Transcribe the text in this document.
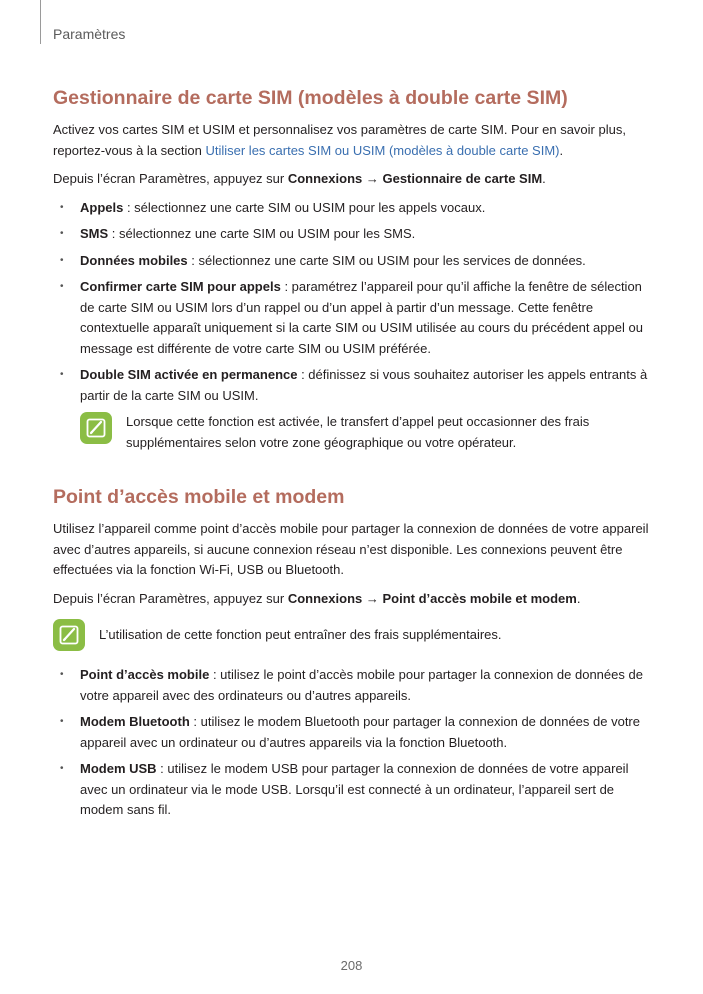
Paramètres
Gestionnaire de carte SIM (modèles à double carte SIM)

Activez vos cartes SIM et USIM et personnalisez vos paramètres de carte SIM. Pour en savoir plus, reportez-vous à la section Utiliser les cartes SIM ou USIM (modèles à double carte SIM).

Depuis l’écran Paramètres, appuyez sur Connexions → Gestionnaire de carte SIM.

• Appels : sélectionnez une carte SIM ou USIM pour les appels vocaux.
• SMS : sélectionnez une carte SIM ou USIM pour les SMS.
• Données mobiles : sélectionnez une carte SIM ou USIM pour les services de données.
• Confirmer carte SIM pour appels : paramétrez l’appareil pour qu’il affiche la fenêtre de sélection de carte SIM ou USIM lors d’un rappel ou d’un appel à partir d’un message. Cette fenêtre contextuelle apparaît uniquement si la carte SIM ou USIM utilisée au cours du précédent appel ou message est différente de votre carte SIM ou USIM préférée.
• Double SIM activée en permanence : définissez si vous souhaitez autoriser les appels entrants à partir de la carte SIM ou USIM.
Lorsque cette fonction est activée, le transfert d’appel peut occasionner des frais supplémentaires selon votre zone géographique ou votre opérateur.
Point d’accès mobile et modem

Utilisez l’appareil comme point d’accès mobile pour partager la connexion de données de votre appareil avec d’autres appareils, si aucune connexion réseau n’est disponible. Les connexions peuvent être effectuées via la fonction Wi-Fi, USB ou Bluetooth.

Depuis l’écran Paramètres, appuyez sur Connexions → Point d’accès mobile et modem.

L’utilisation de cette fonction peut entraîner des frais supplémentaires.
• Point d’accès mobile : utilisez le point d’accès mobile pour partager la connexion de données de votre appareil avec des ordinateurs ou d’autres appareils.
• Modem Bluetooth : utilisez le modem Bluetooth pour partager la connexion de données de votre appareil avec un ordinateur ou d’autres appareils via la fonction Bluetooth.
• Modem USB : utilisez le modem USB pour partager la connexion de données de votre appareil avec un ordinateur via le mode USB. Lorsqu’il est connecté à un ordinateur, l’appareil sert de modem sans fil.
208
